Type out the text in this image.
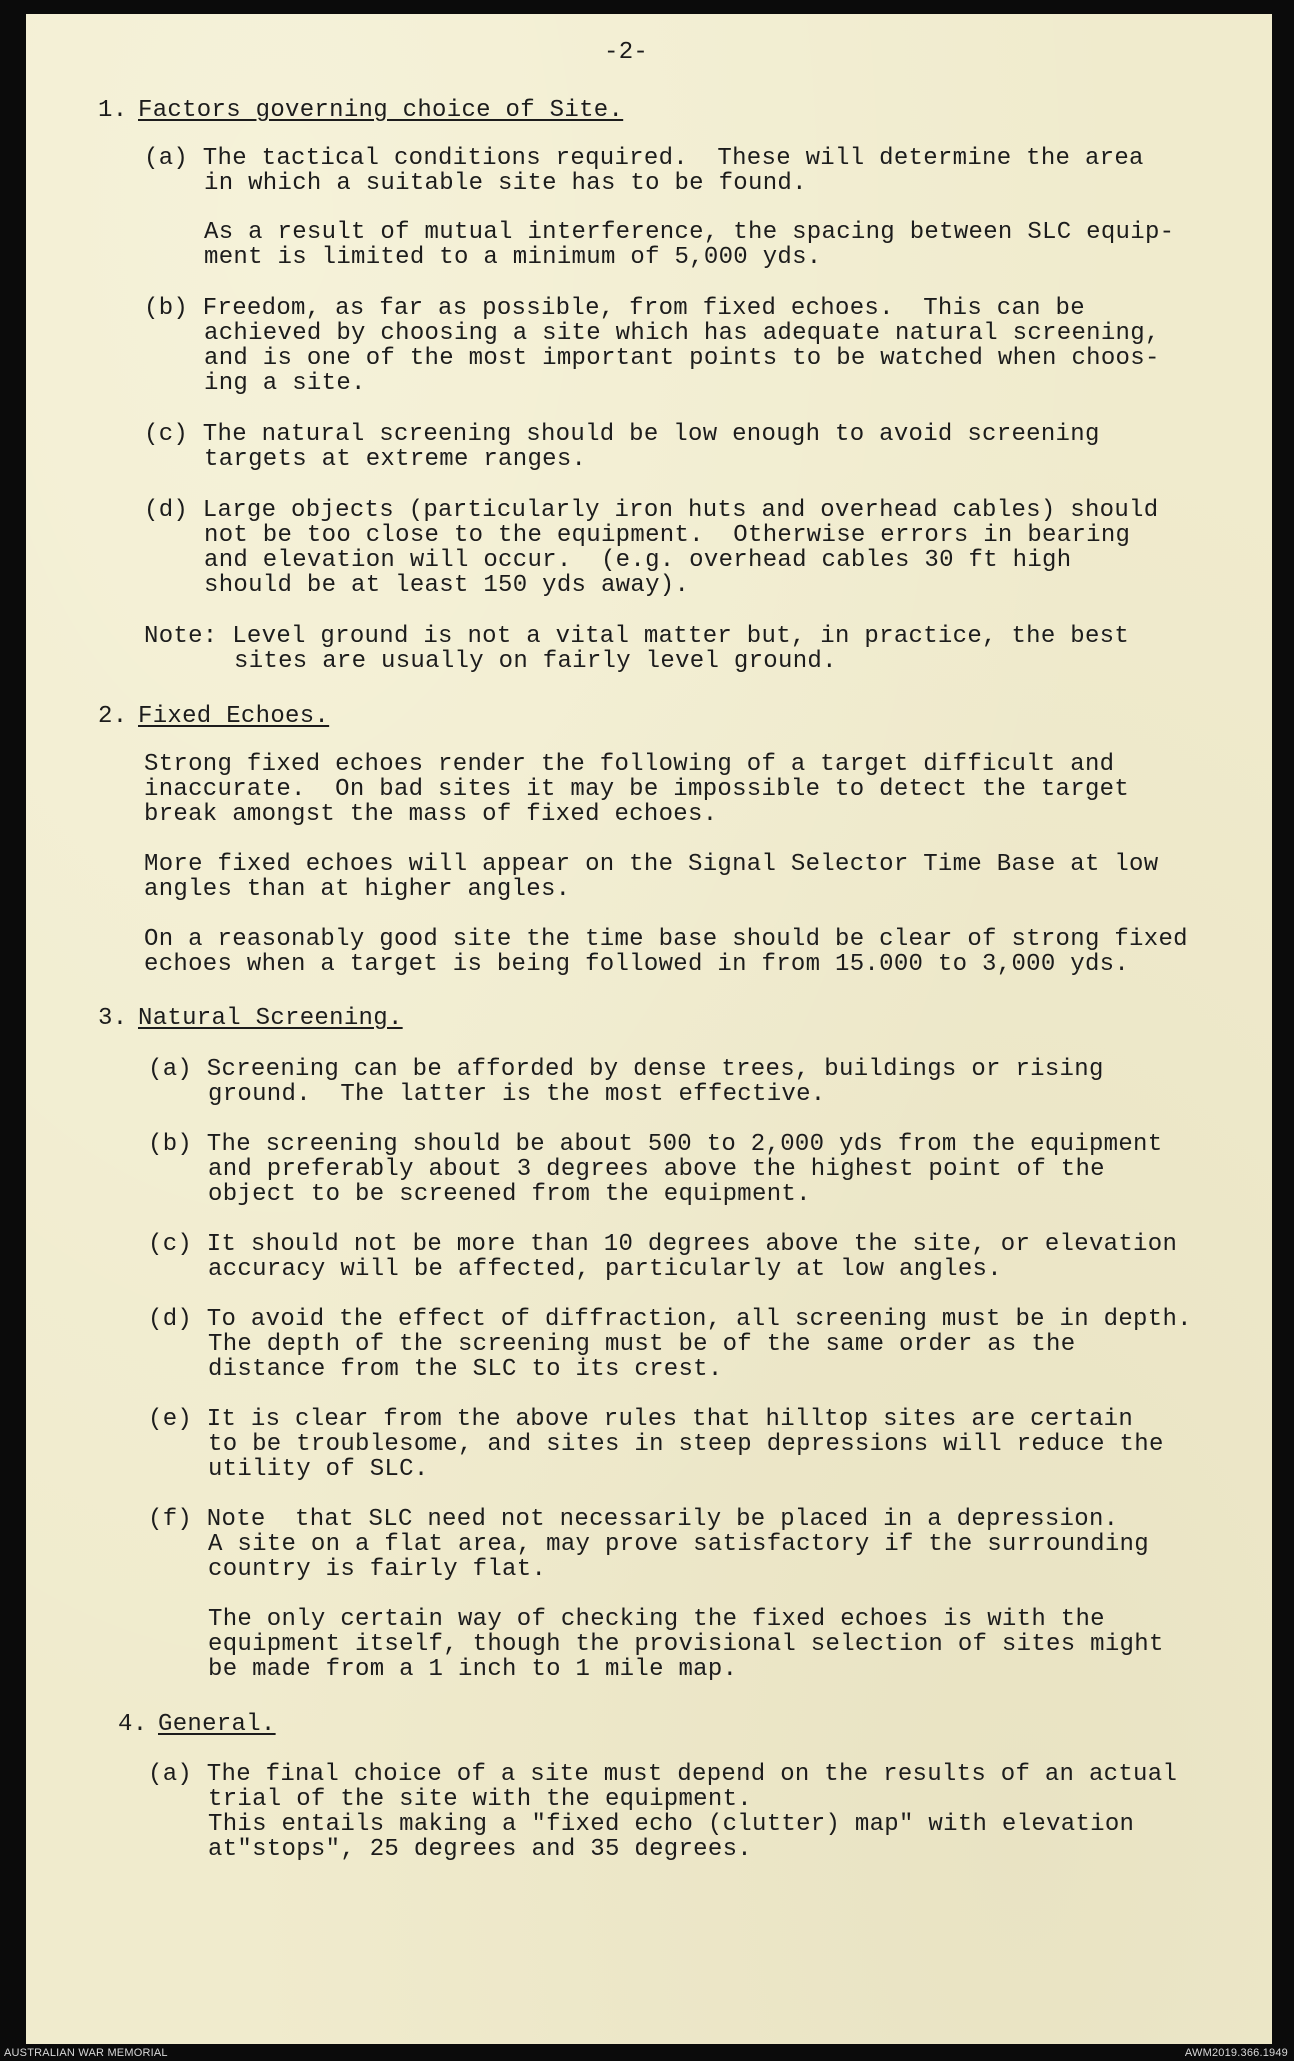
-2-
1. Factors governing choice of Site.
(a) The tactical conditions required.  These will determine the area
in which a suitable site has to be found.
As a result of mutual interference, the spacing between SLC equip-
ment is limited to a minimum of 5,000 yds.
(b) Freedom, as far as possible, from fixed echoes.  This can be
achieved by choosing a site which has adequate natural screening,
and is one of the most important points to be watched when choos-
ing a site.
(c) The natural screening should be low enough to avoid screening
targets at extreme ranges.
(d) Large objects (particularly iron huts and overhead cables) should
not be too close to the equipment.  Otherwise errors in bearing
and elevation will occur.  (e.g. overhead cables 30 ft high
should be at least 150 yds away).
Note: Level ground is not a vital matter but, in practice, the best
sites are usually on fairly level ground.
2. Fixed Echoes.
Strong fixed echoes render the following of a target difficult and
inaccurate.  On bad sites it may be impossible to detect the target
break amongst the mass of fixed echoes.
More fixed echoes will appear on the Signal Selector Time Base at low
angles than at higher angles.
On a reasonably good site the time base should be clear of strong fixed
echoes when a target is being followed in from 15.000 to 3,000 yds.
3. Natural Screening.
(a) Screening can be afforded by dense trees, buildings or rising
ground.  The latter is the most effective.
(b) The screening should be about 500 to 2,000 yds from the equipment
and preferably about 3 degrees above the highest point of the
object to be screened from the equipment.
(c) It should not be more than 10 degrees above the site, or elevation
accuracy will be affected, particularly at low angles.
(d) To avoid the effect of diffraction, all screening must be in depth.
The depth of the screening must be of the same order as the
distance from the SLC to its crest.
(e) It is clear from the above rules that hilltop sites are certain
to be troublesome, and sites in steep depressions will reduce the
utility of SLC.
(f) Note  that SLC need not necessarily be placed in a depression.
A site on a flat area, may prove satisfactory if the surrounding
country is fairly flat.
The only certain way of checking the fixed echoes is with the
equipment itself, though the provisional selection of sites might
be made from a 1 inch to 1 mile map.
4. General.
(a) The final choice of a site must depend on the results of an actual
trial of the site with the equipment.
This entails making a "fixed echo (clutter) map" with elevation
at"stops", 25 degrees and 35 degrees.
AUSTRALIAN WAR MEMORIAL	AWM2019.366.1949
